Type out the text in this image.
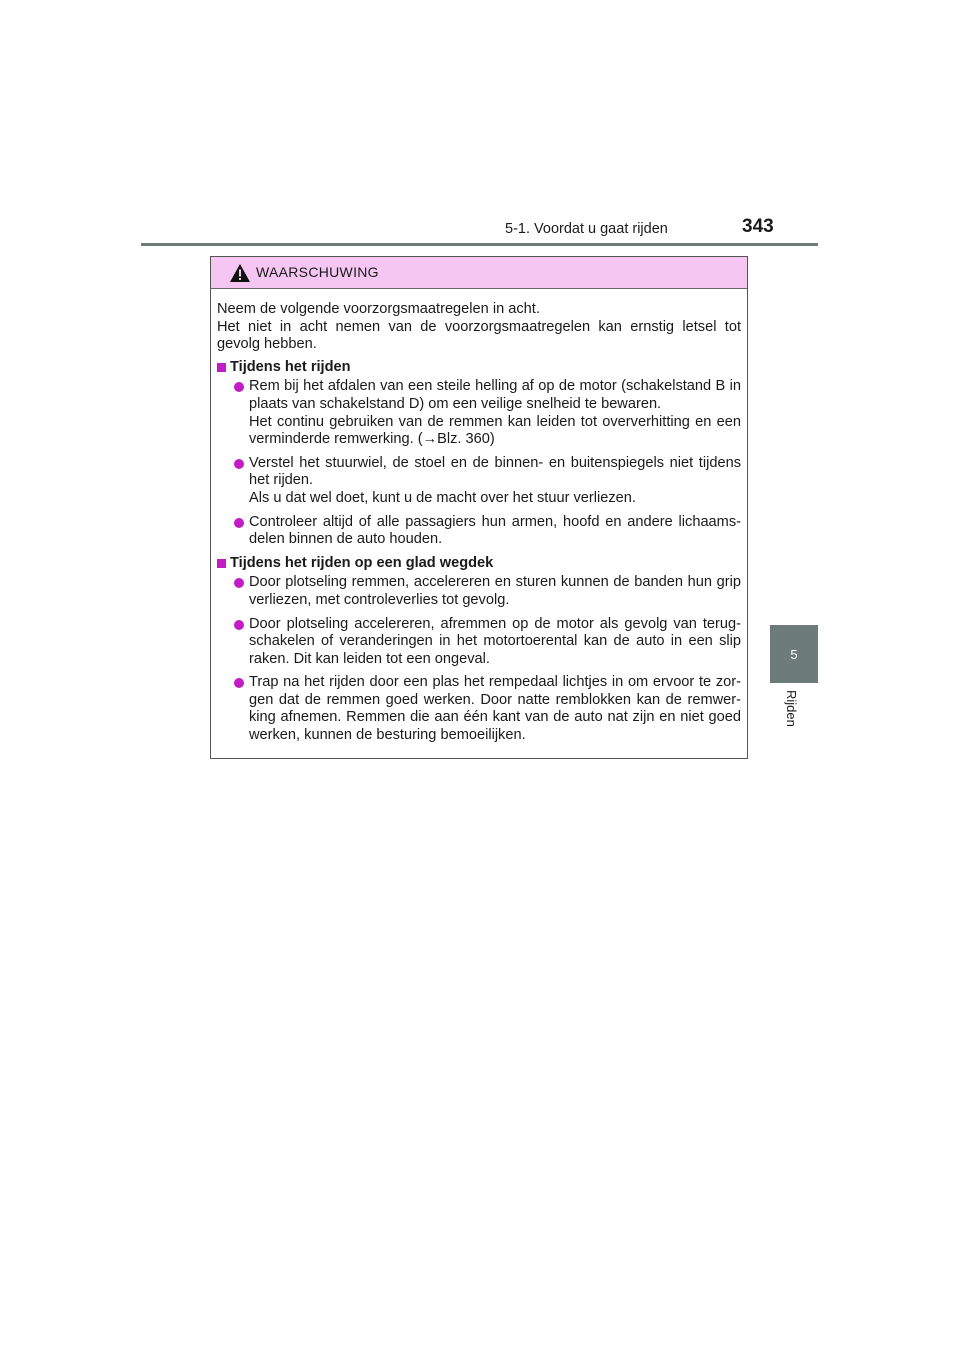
5-1. Voordat u gaat rijden	343
5
Rijden
WAARSCHUWING

Neem de volgende voorzorgsmaatregelen in acht.

Het niet in acht nemen van de voorzorgsmaatregelen kan ernstig letsel tot gevolg hebben.

Tijdens het rijden

Rem bij het afdalen van een steile helling af op de motor (schakelstand B in plaats van schakelstand D) om een veilige snelheid te bewaren.

Het continu gebruiken van de remmen kan leiden tot oververhitting en een verminderde remwerking. (→Blz. 360)

Verstel het stuurwiel, de stoel en de binnen- en buitenspiegels niet tijdens het rijden.

Als u dat wel doet, kunt u de macht over het stuur verliezen.

Controleer altijd of alle passagiers hun armen, hoofd en andere lichaams-delen binnen de auto houden.

Tijdens het rijden op een glad wegdek

Door plotseling remmen, accelereren en sturen kunnen de banden hun grip verliezen, met controleverlies tot gevolg.

Door plotseling accelereren, afremmen op de motor als gevolg van terug-schakelen of veranderingen in het motortoerental kan de auto in een slip raken. Dit kan leiden tot een ongeval.

Trap na het rijden door een plas het rempedaal lichtjes in om ervoor te zor-gen dat de remmen goed werken. Door natte remblokken kan de remwer-king afnemen. Remmen die aan één kant van de auto nat zijn en niet goed werken, kunnen de besturing bemoeilijken.
